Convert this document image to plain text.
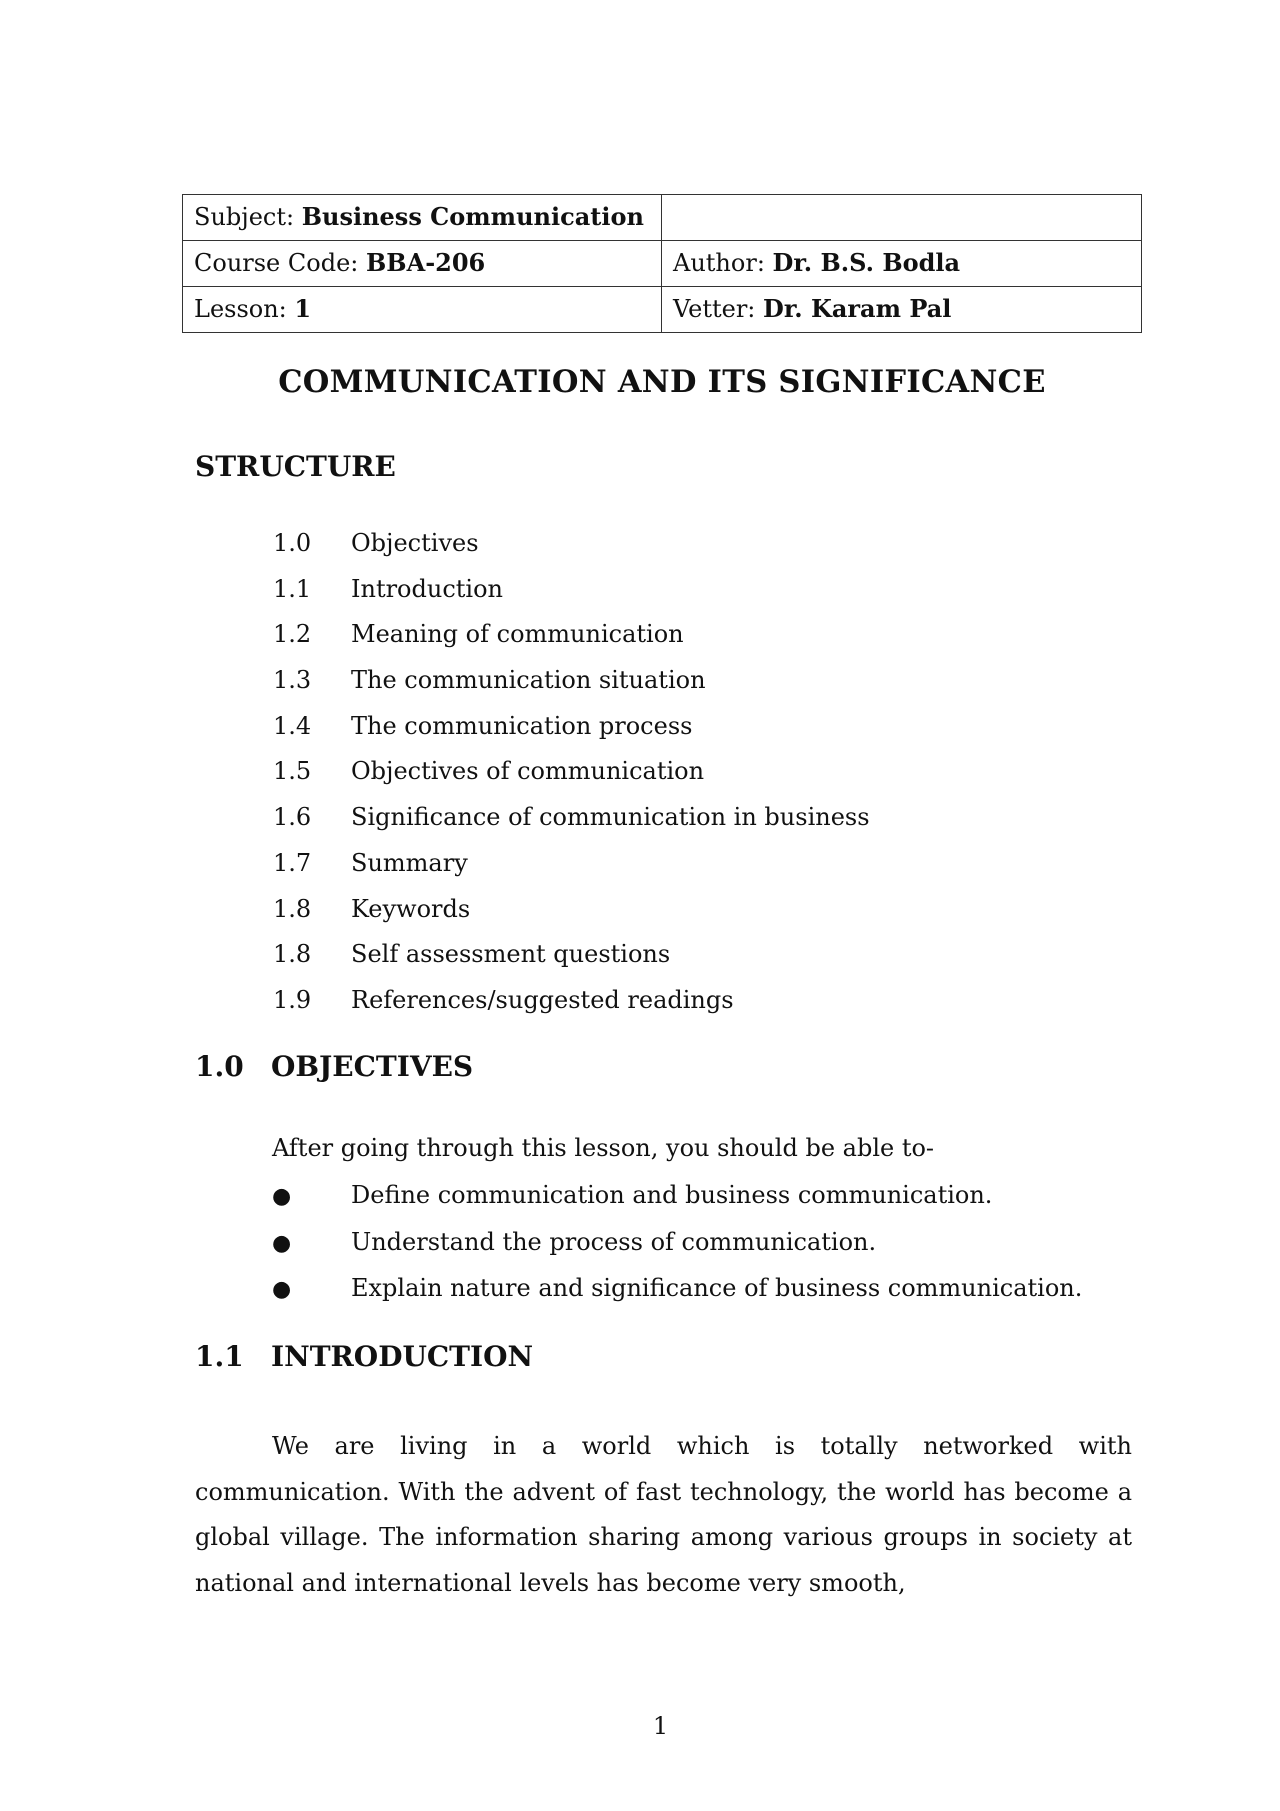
Subject: Business Communication	
Course Code: BBA-206	Author: Dr. B.S. Bodla
Lesson: 1	Vetter: Dr. Karam Pal
COMMUNICATION AND ITS SIGNIFICANCE
STRUCTURE
1.0 Objectives
1.1 Introduction
1.2 Meaning of communication
1.3 The communication situation
1.4 The communication process
1.5 Objectives of communication
1.6 Significance of communication in business
1.7 Summary
1.8 Keywords
1.8 Self assessment questions
1.9 References/suggested readings
1.0 OBJECTIVES

After going through this lesson, you should be able to-

● Define communication and business communication.
● Understand the process of communication.
● Explain nature and significance of business communication.
1.1 INTRODUCTION

We are living in a world which is totally networked with communication. With the advent of fast technology, the world has become a global village. The information sharing among various groups in society at national and international levels has become very smooth,

1
